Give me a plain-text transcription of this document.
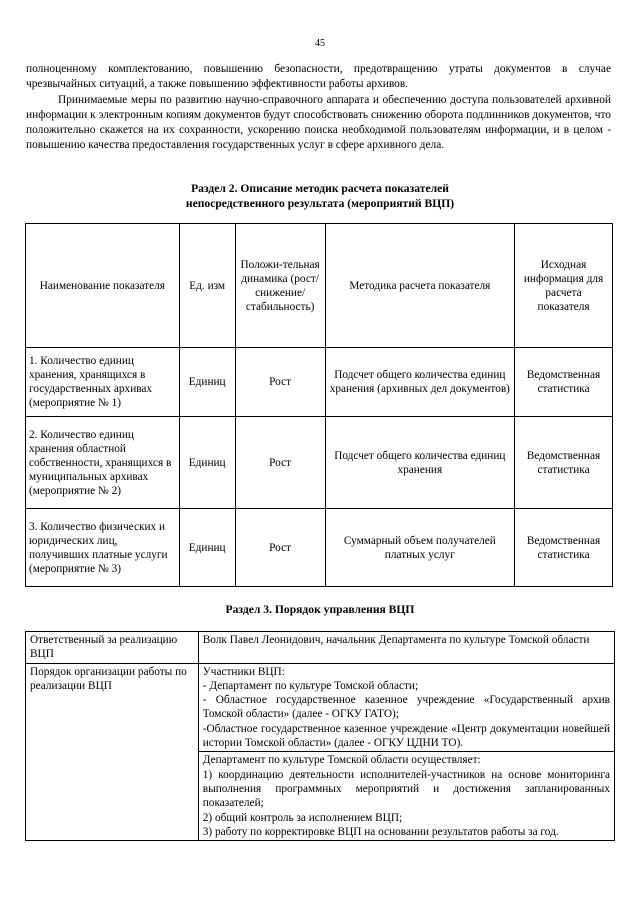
45

полноценному комплектованию, повышению безопасности, предотвращению утраты документов в случае чрезвычайных ситуаций, а также повышению эффективности работы архивов.

Принимаемые меры по развитию научно-справочного аппарата и обеспечению доступа пользователей архивной информации к электронным копиям документов будут способствовать снижению оборота подлинников документов, что положительно скажется на их сохранности, ускорению поиска необходимой пользователям информации, и в целом - повышению качества предоставления государственных услуг в сфере архивного дела.

Раздел 2. Описание методик расчета показателей
непосредственного результата (мероприятий ВЦП)
Наименование показателя	Ед. изм	Положи-тельная динамика (рост/ снижение/ стабильность)	Методика расчета показателя	Исходная информация для расчета показателя
1. Количество единиц хранения, хранящихся в государственных архивах (мероприятие № 1)	Единиц	Рост	Подсчет общего количества единиц хранения (архивных дел документов)	Ведомственная статистика
2. Количество единиц хранения областной собственности, хранящихся в муниципальных архивах (мероприятие № 2)	Единиц	Рост	Подсчет общего количества единиц хранения	Ведомственная статистика
3. Количество физических и юридических лиц, получивших платные услуги (мероприятие № 3)	Единиц	Рост	Суммарный объем получателей платных услуг	Ведомственная статистика
Раздел 3. Порядок управления ВЦП
Ответственный за реализацию ВЦП	Волк Павел Леонидович, начальник Департамента по культуре Томской области
Порядок организации работы по реализации ВЦП	Участники ВЦП:
- Департамент по культуре Томской области;
- Областное государственное казенное учреждение «Государственный архив Томской области» (далее - ОГКУ ГАТО);
-Областное государственное казенное учреждение «Центр документации новейшей истории Томской области» (далее - ОГКУ ЦДНИ ТО).

	Департамент по культуре Томской области осуществляет:
1) координацию деятельности исполнителей-участников на основе мониторинга выполнения программных мероприятий и достижения запланированных показателей;
2) общий контроль за исполнением ВЦП;
3) работу по корректировке ВЦП на основании результатов работы за год.
